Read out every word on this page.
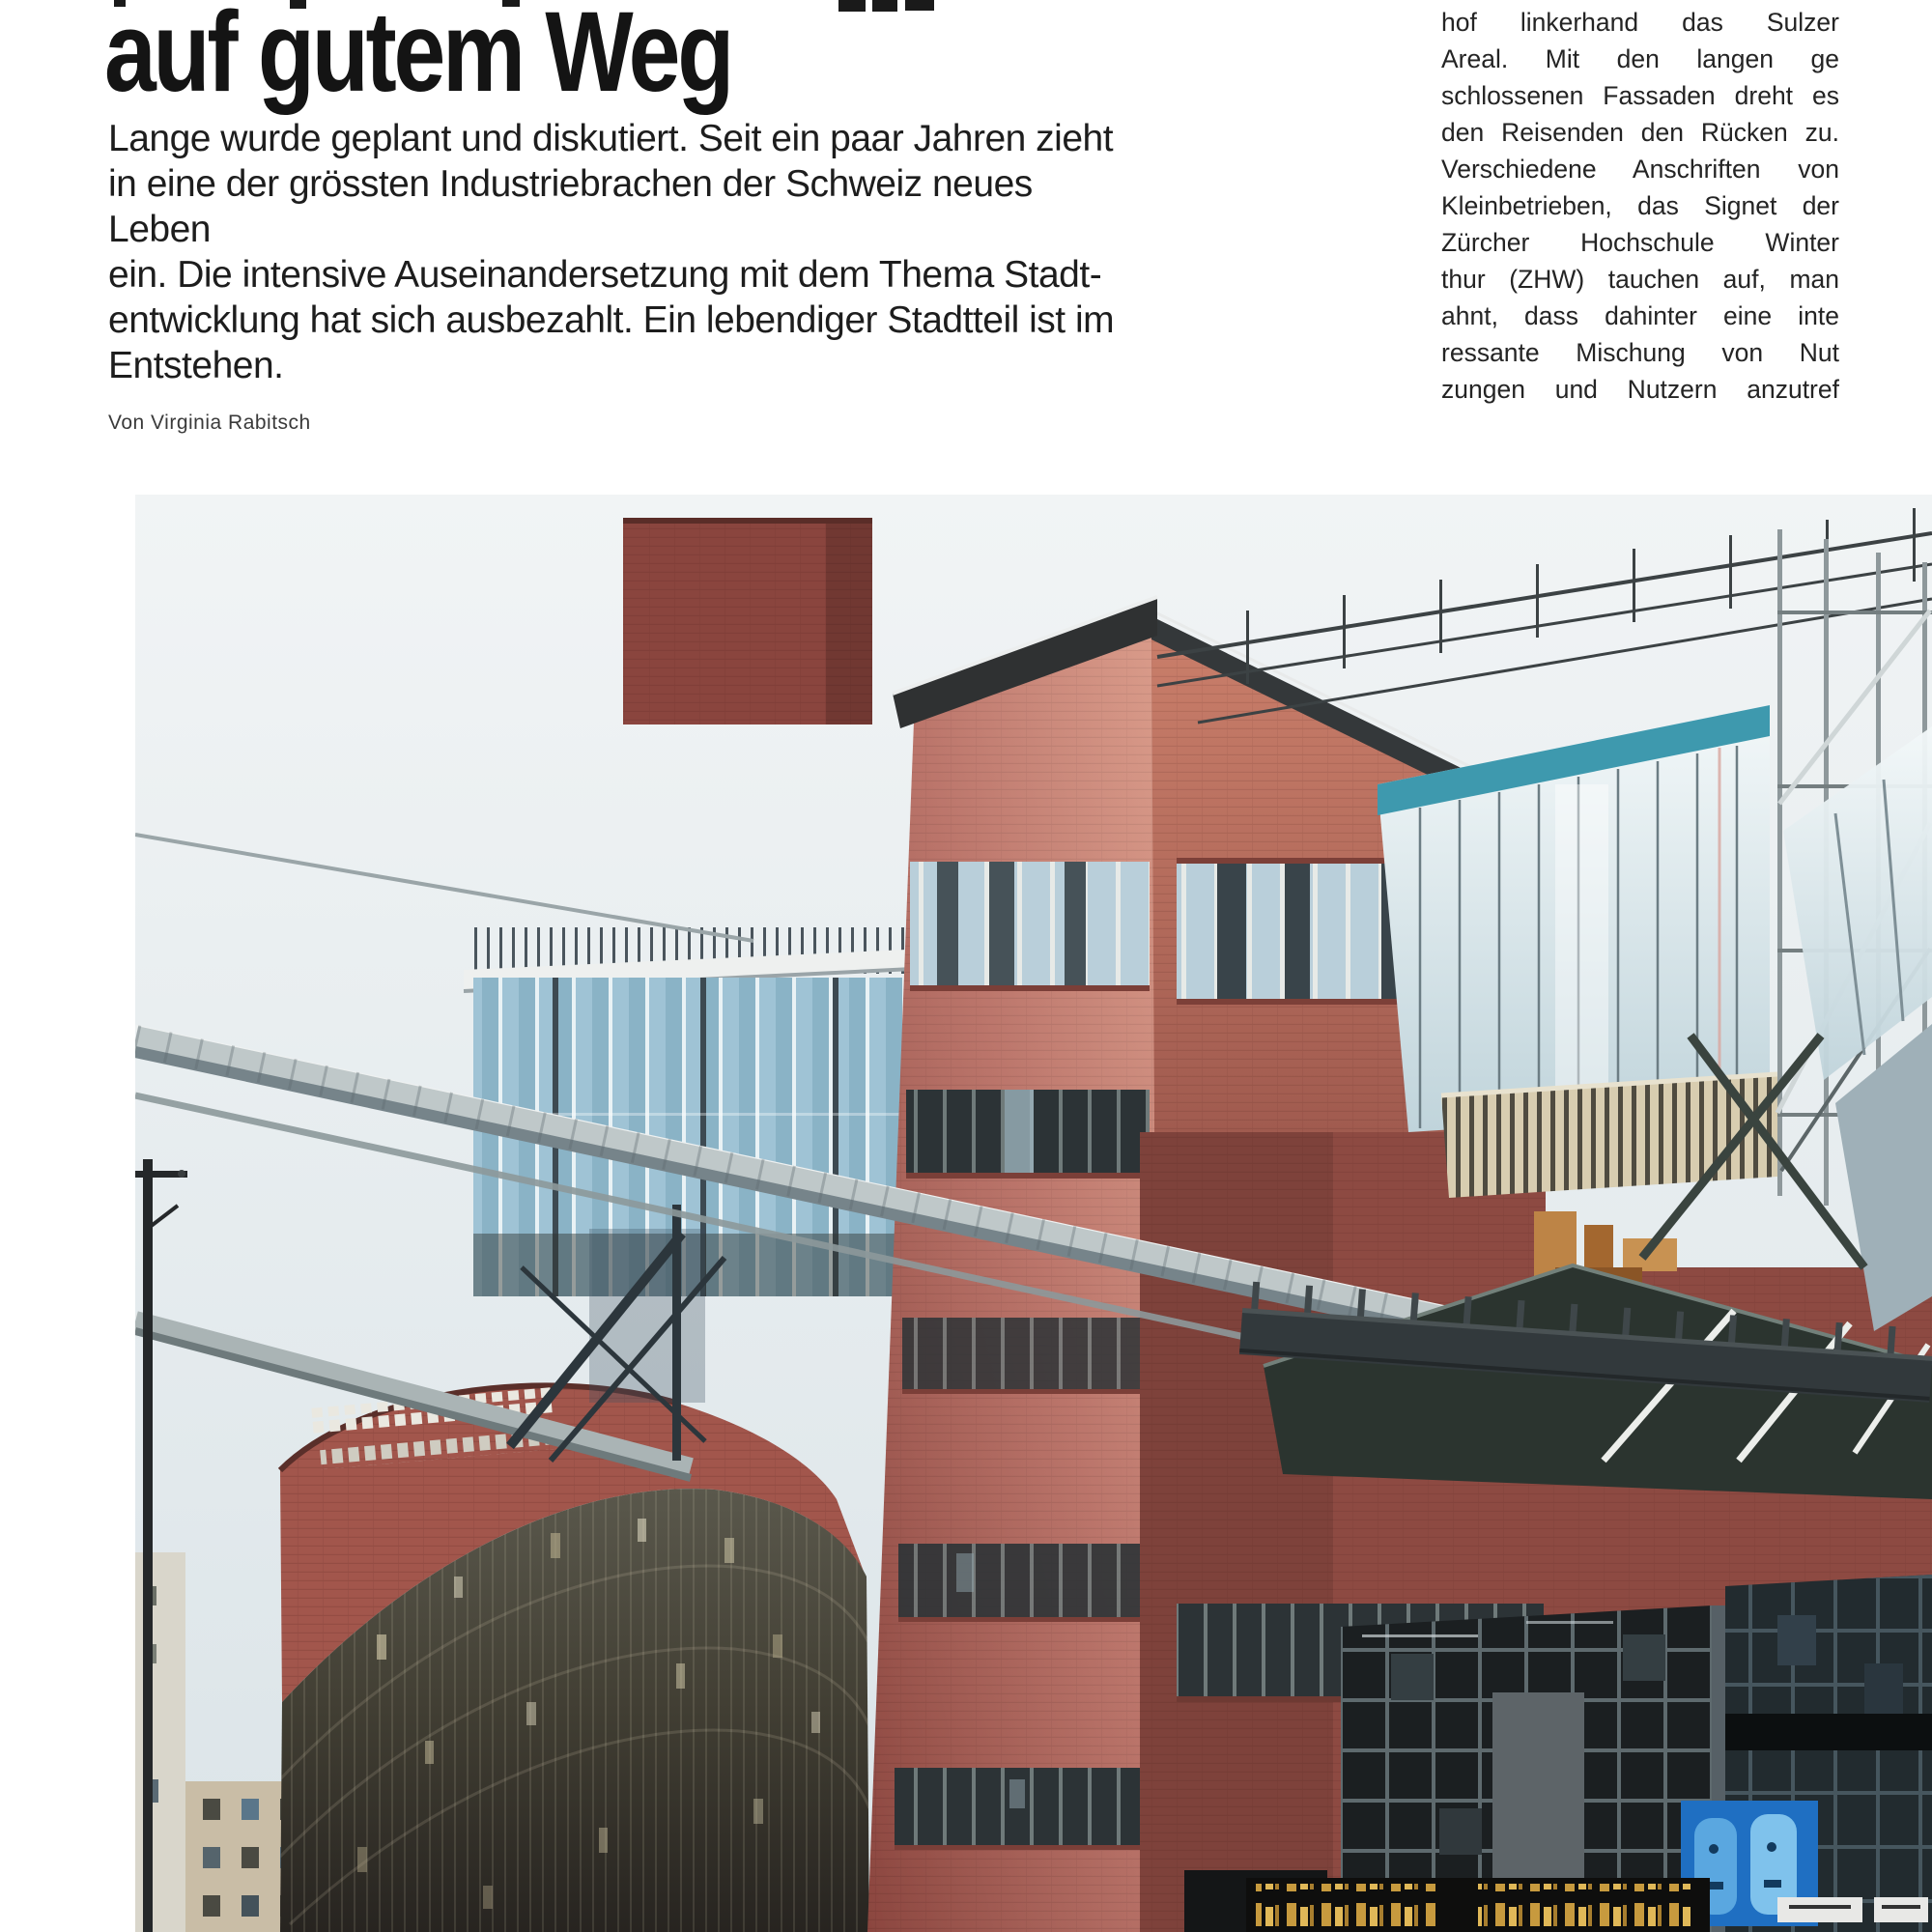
auf gutem Weg
Lange wurde geplant und diskutiert. Seit ein paar Jahren zieht
in eine der grössten Industriebrachen der Schweiz neues Leben
ein. Die intensive Auseinandersetzung mit dem Thema Stadt-
entwicklung hat sich ausbezahlt. Ein lebendiger Stadtteil ist im
Entstehen.
Von Virginia Rabitsch
hof linkerhand das Sulzer
Areal. Mit den langen ge
schlossenen Fassaden dreht es
den Reisenden den Rücken zu.
Verschiedene Anschriften von
Kleinbetrieben, das Signet der
Zürcher Hochschule Winter
thur (ZHW) tauchen auf, man
ahnt, dass dahinter eine inte
ressante Mischung von Nut
zungen und Nutzern anzutref
